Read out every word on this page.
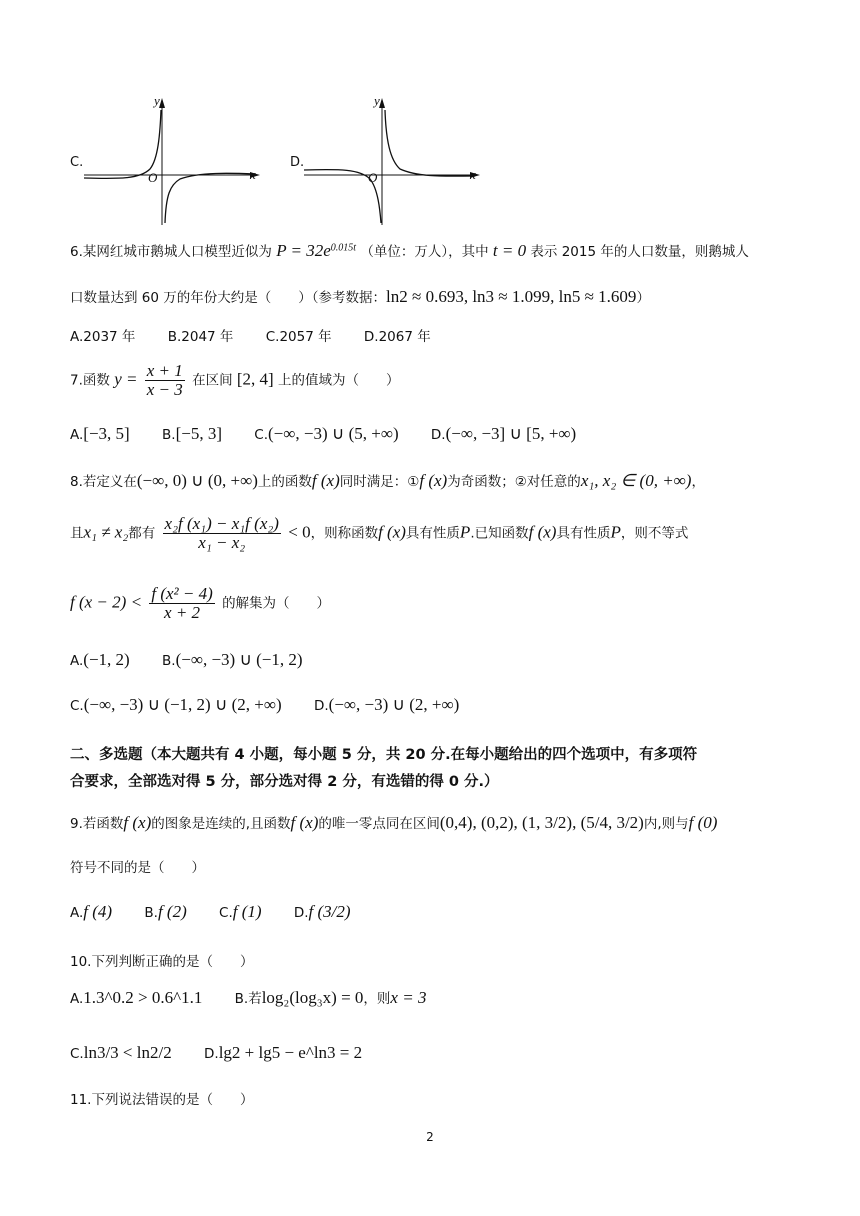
C.
y
x
O
D.
y
x
O
6.某网红城市鹅城人口模型近似为 $P = 32e^{0.015t}$ （单位：万人），其中 t = 0 表示 2015 年的人口数量，则鹅城人
口数量达到 60 万的年份大约是（　　）（参考数据：ln2 ≈ 0.693, ln3 ≈ 1.099, ln5 ≈ 1.609）
A.2037 年 B.2047 年 C.2057 年 D.2067 年
7.函数 $y = \frac{x + 1}{x - 3}$ 在区间 [2, 4] 上的值域为（　　）
A.[−3, 5] B.[−5, 3] C.(−∞, −3) ∪ (5, +∞) D.(−∞, −3] ∪ [5, +∞)
8.若定义在(−∞, 0) ∪ (0, +∞)上的函数f (x)同时满足：①f (x)为奇函数；②对任意的x₁, x₂ ∈ (0, +∞)，
且x₁ ≠ x₂都有 $\frac{\text{x₂f (x₁) − x₁f (x₂)}}{\text{x₁ − x₂}} < 0$，则称函数f (x)具有性质P.已知函数f (x)具有性质P，则不等式
f $(x - 2) < \frac{\text{f (x² − 4)}}{x + 2}$ 的解集为（　　）
A.(−1, 2) B.(−∞, −3) ∪ (−1, 2)
C.(−∞, −3) ∪ (−1, 2) ∪ (2, +∞) D.(−∞, −3) ∪ (2, +∞)
二、多选题（本大题共有 4 小题，每小题 5 分，共 20 分.在每小题给出的四个选项中，有多项符
合要求，全部选对得 5 分，部分选对得 2 分，有选错的得 0 分.）
9.若函数f (x)的图象是连续的,且函数f (x)的唯一零点同在区间(0,4), (0,2), (1, 3/2), (5/4, 3/2)内,则与f (0)
符号不同的是（　　）
A.f (4) B.f (2) C.f (1) D.f (3/2)
10.下列判断正确的是（　　）
A.1.3^0.2 > 0.6^1.1 B.若log₂(log₃x) = 0，则x = 3
C.ln3/3 < ln2/2 D.lg2 + lg5 − e^ln3 = 2
11.下列说法错误的是（　　）
2
